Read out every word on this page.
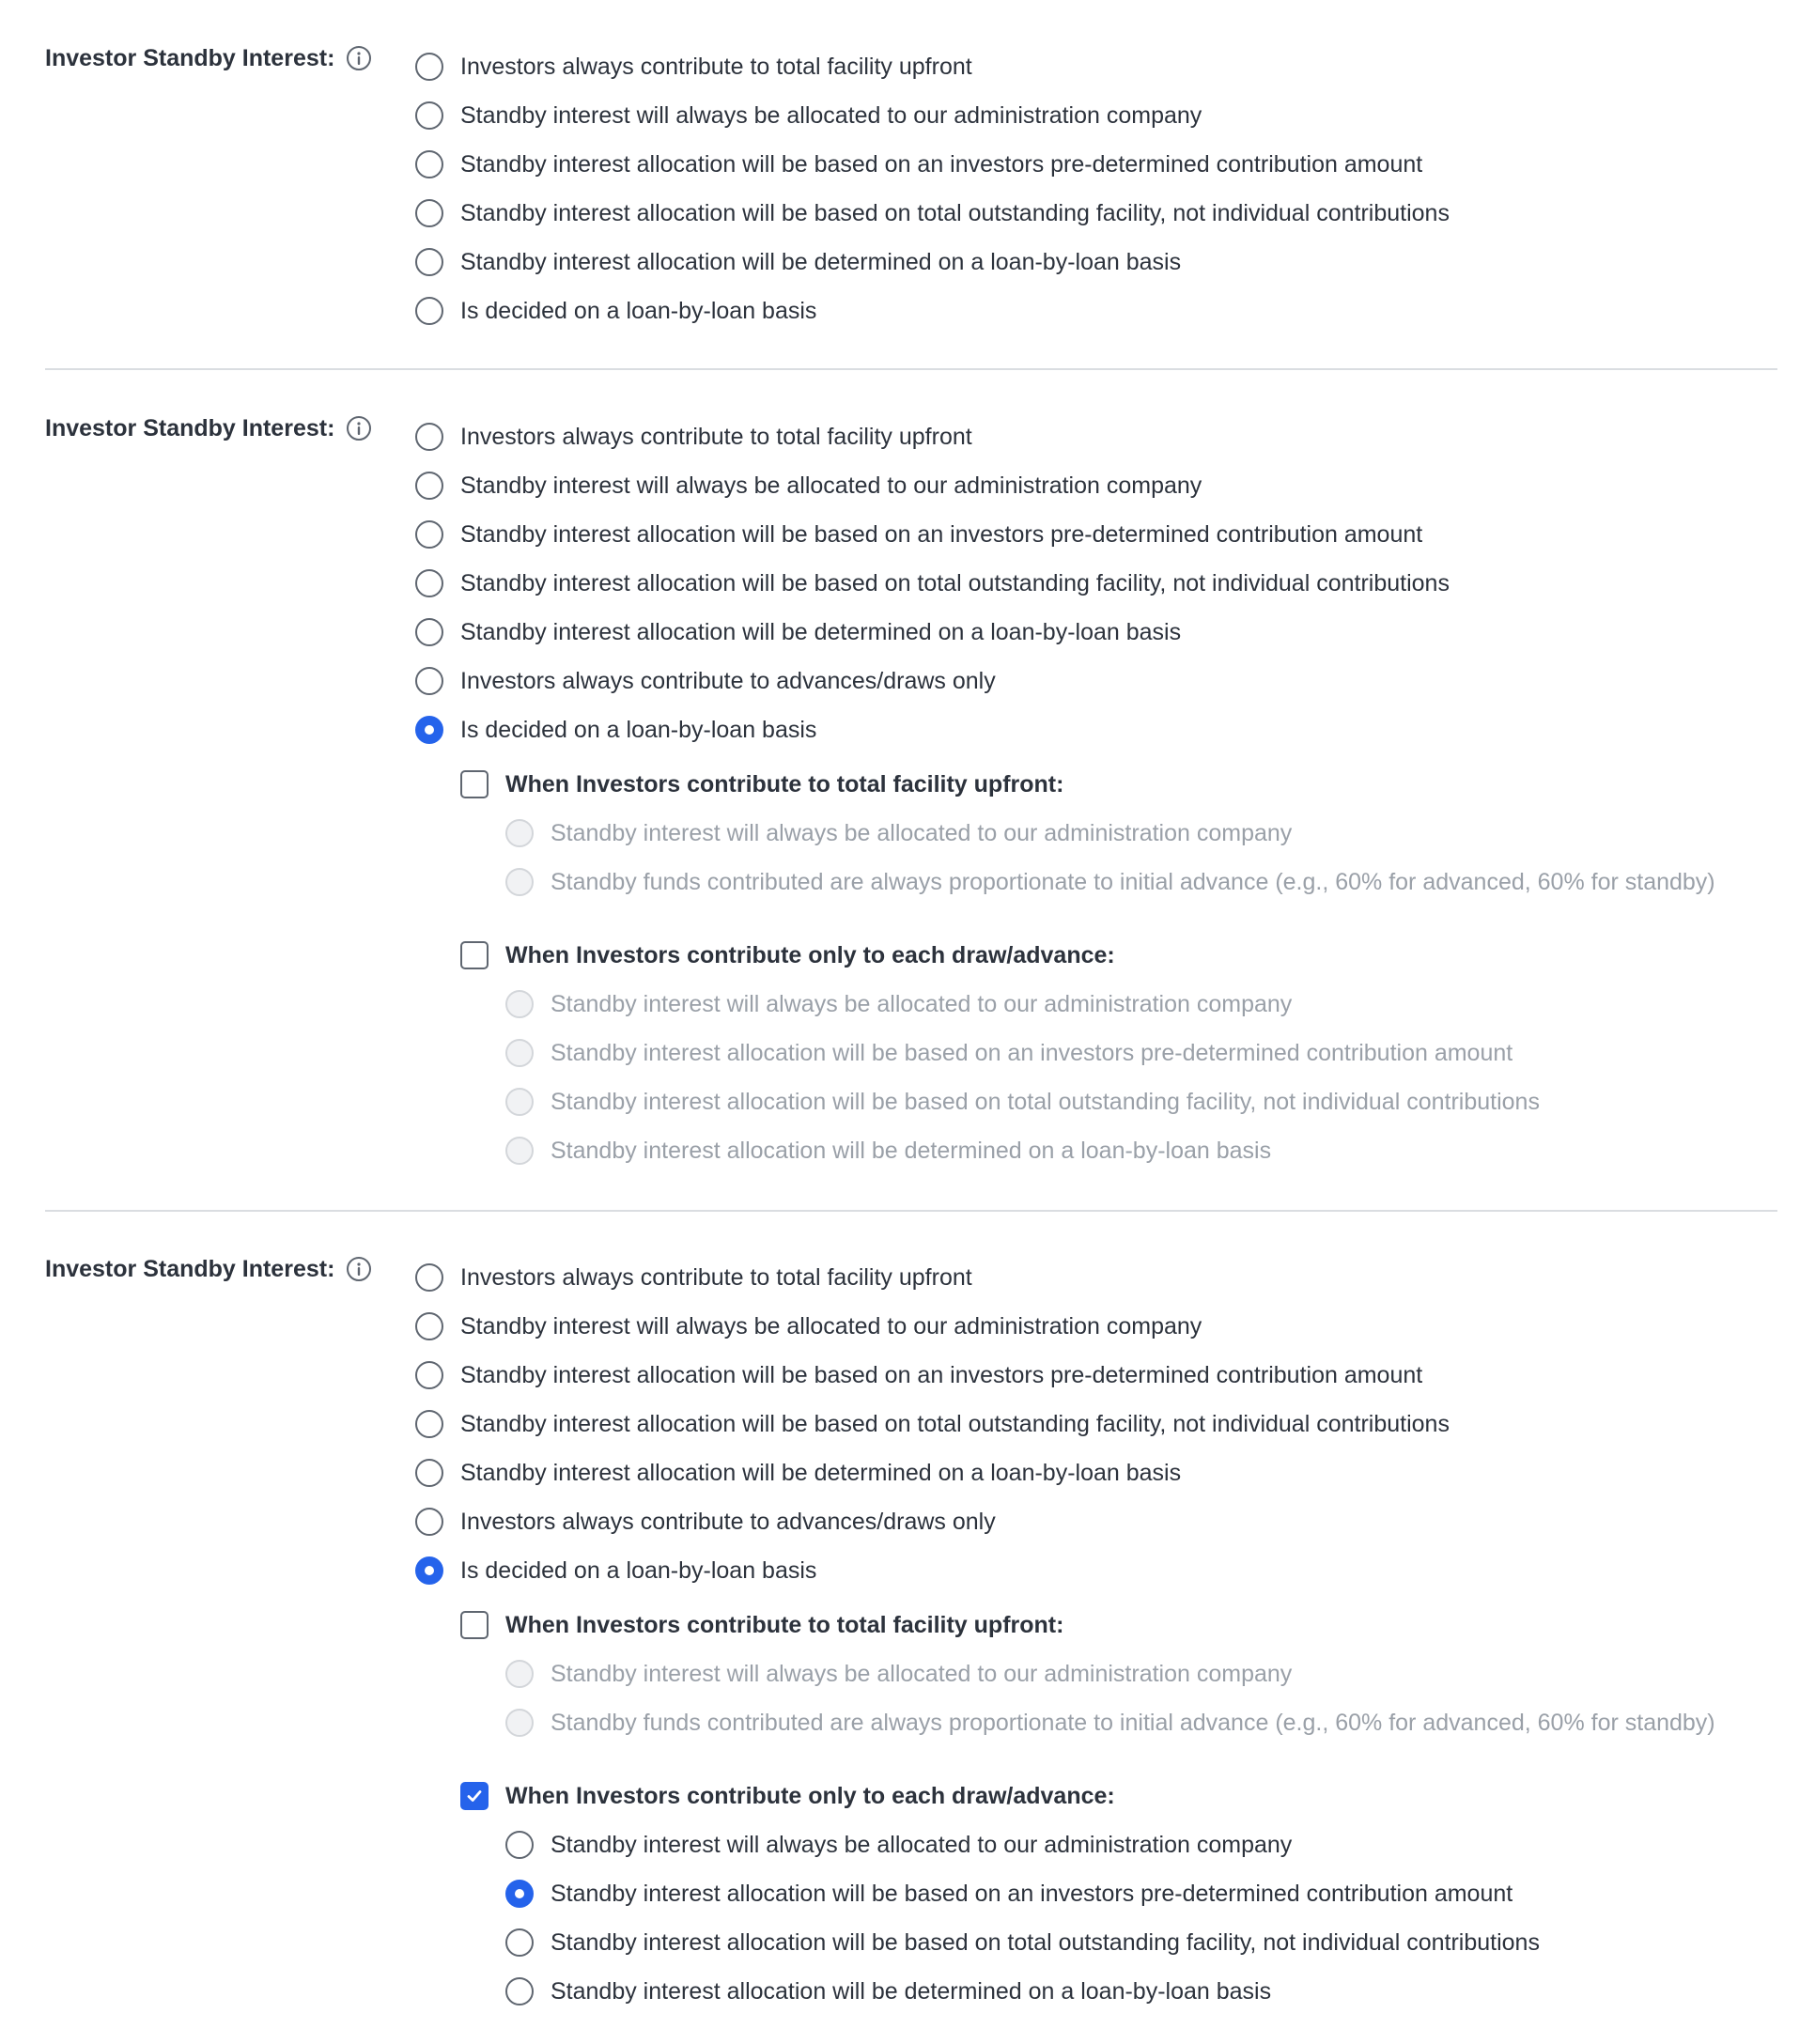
Investor Standby Interest:	Investors always contribute to total facility upfront
Standby interest will always be allocated to our administration company
Standby interest allocation will be based on an investors pre-determined contribution amount
Standby interest allocation will be based on total outstanding facility, not individual contributions
Standby interest allocation will be determined on a loan-by-loan basis
Is decided on a loan-by-loan basis
Investor Standby Interest:	Investors always contribute to total facility upfront
Standby interest will always be allocated to our administration company
Standby interest allocation will be based on an investors pre-determined contribution amount
Standby interest allocation will be based on total outstanding facility, not individual contributions
Standby interest allocation will be determined on a loan-by-loan basis
Investors always contribute to advances/draws only
Is decided on a loan-by-loan basis
When Investors contribute to total facility upfront:
Standby interest will always be allocated to our administration company
Standby funds contributed are always proportionate to initial advance (e.g., 60% for advanced, 60% for standby)
When Investors contribute only to each draw/advance:
Standby interest will always be allocated to our administration company
Standby interest allocation will be based on an investors pre-determined contribution amount
Standby interest allocation will be based on total outstanding facility, not individual contributions
Standby interest allocation will be determined on a loan-by-loan basis
Investor Standby Interest:	Investors always contribute to total facility upfront
Standby interest will always be allocated to our administration company
Standby interest allocation will be based on an investors pre-determined contribution amount
Standby interest allocation will be based on total outstanding facility, not individual contributions
Standby interest allocation will be determined on a loan-by-loan basis
Investors always contribute to advances/draws only
Is decided on a loan-by-loan basis
When Investors contribute to total facility upfront:
Standby interest will always be allocated to our administration company
Standby funds contributed are always proportionate to initial advance (e.g., 60% for advanced, 60% for standby)
When Investors contribute only to each draw/advance:
Standby interest will always be allocated to our administration company
Standby interest allocation will be based on an investors pre-determined contribution amount
Standby interest allocation will be based on total outstanding facility, not individual contributions
Standby interest allocation will be determined on a loan-by-loan basis
